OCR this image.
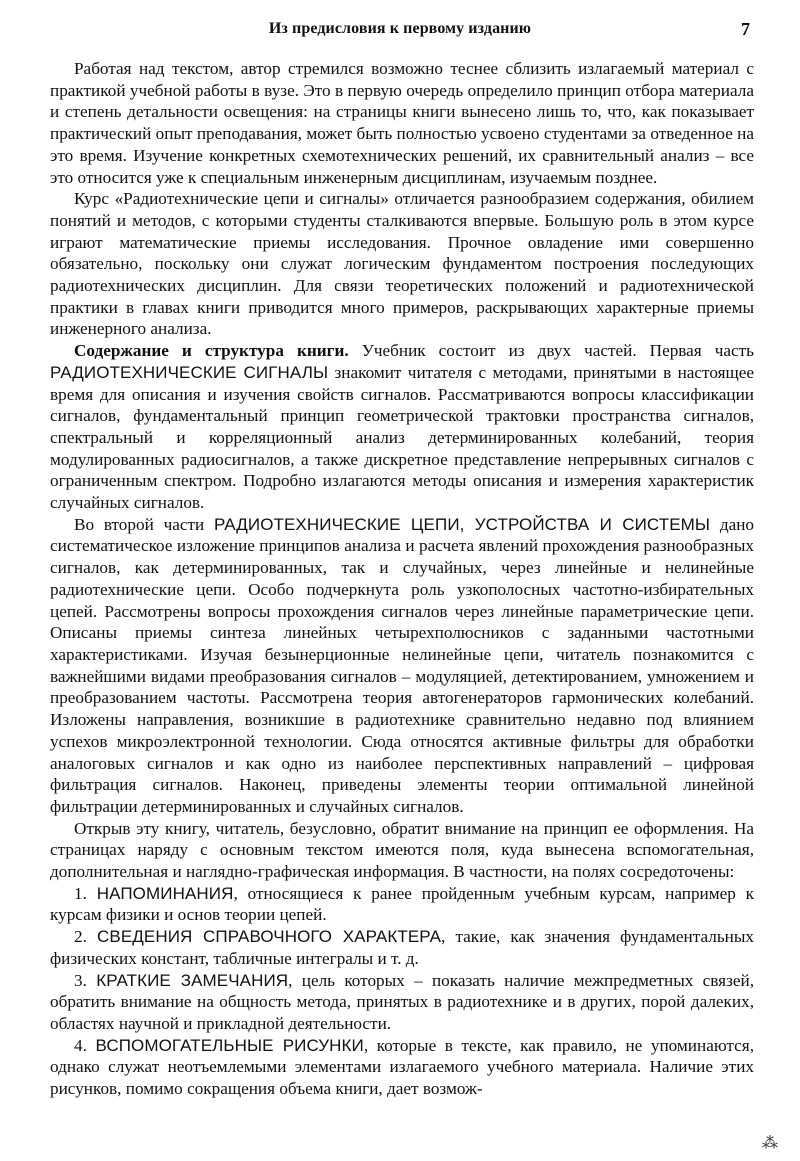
Из предисловия к первому изданию	7

Работая над текстом, автор стремился возможно теснее сблизить излагаемый материал с практикой учебной работы в вузе. Это в первую очередь определило принцип отбора материала и степень детальности освещения: на страницы книги вынесено лишь то, что, как показывает практический опыт преподавания, может быть полностью усвоено студентами за отведенное на это время. Изучение конкретных схемотехнических решений, их сравнительный анализ – все это относится уже к специальным инженерным дисциплинам, изучаемым позднее.

Курс «Радиотехнические цепи и сигналы» отличается разнообразием содержания, обилием понятий и методов, с которыми студенты сталкиваются впервые. Большую роль в этом курсе играют математические приемы исследования. Прочное овладение ими совершенно обязательно, поскольку они служат логическим фундаментом построения последующих радиотехнических дисциплин. Для связи теоретических положений и радиотехнической практики в главах книги приводится много примеров, раскрывающих характерные приемы инженерного анализа.

Содержание и структура книги. Учебник состоит из двух частей. Первая часть РАДИОТЕХНИЧЕСКИЕ СИГНАЛЫ знакомит читателя с методами, принятыми в настоящее время для описания и изучения свойств сигналов. Рассматриваются вопросы классификации сигналов, фундаментальный принцип геометрической трактовки пространства сигналов, спектральный и корреляционный анализ детерминированных колебаний, теория модулированных радиосигналов, а также дискретное представление непрерывных сигналов с ограниченным спектром. Подробно излагаются методы описания и измерения характеристик случайных сигналов.

Во второй части РАДИОТЕХНИЧЕСКИЕ ЦЕПИ, УСТРОЙСТВА И СИСТЕМЫ дано систематическое изложение принципов анализа и расчета явлений прохождения разнообразных сигналов, как детерминированных, так и случайных, через линейные и нелинейные радиотехнические цепи. Особо подчеркнута роль узкополосных частотно-избирательных цепей. Рассмотрены вопросы прохождения сигналов через линейные параметрические цепи. Описаны приемы синтеза линейных четырехполюсников с заданными частотными характеристиками. Изучая безынерционные нелинейные цепи, читатель познакомится с важнейшими видами преобразования сигналов – модуляцией, детектированием, умножением и преобразованием частоты. Рассмотрена теория автогенераторов гармонических колебаний. Изложены направления, возникшие в радиотехнике сравнительно недавно под влиянием успехов микроэлектронной технологии. Сюда относятся активные фильтры для обработки аналоговых сигналов и как одно из наиболее перспективных направлений – цифровая фильтрация сигналов. Наконец, приведены элементы теории оптимальной линейной фильтрации детерминированных и случайных сигналов.

Открыв эту книгу, читатель, безусловно, обратит внимание на принцип ее оформления. На страницах наряду с основным текстом имеются поля, куда вынесена вспомогательная, дополнительная и наглядно-графическая информация. В частности, на полях сосредоточены:

1. НАПОМИНАНИЯ, относящиеся к ранее пройденным учебным курсам, например к курсам физики и основ теории цепей.

2. СВЕДЕНИЯ СПРАВОЧНОГО ХАРАКТЕРА, такие, как значения фундаментальных физических констант, табличные интегралы и т. д.

3. КРАТКИЕ ЗАМЕЧАНИЯ, цель которых – показать наличие межпредметных связей, обратить внимание на общность метода, принятых в радиотехнике и в других, порой далеких, областях научной и прикладной деятельности.

4. ВСПОМОГАТЕЛЬНЫЕ РИСУНКИ, которые в тексте, как правило, не упоминаются, однако служат неотъемлемыми элементами излагаемого учебного материала. Наличие этих рисунков, помимо сокращения объема книги, дает возмож-

⁂
